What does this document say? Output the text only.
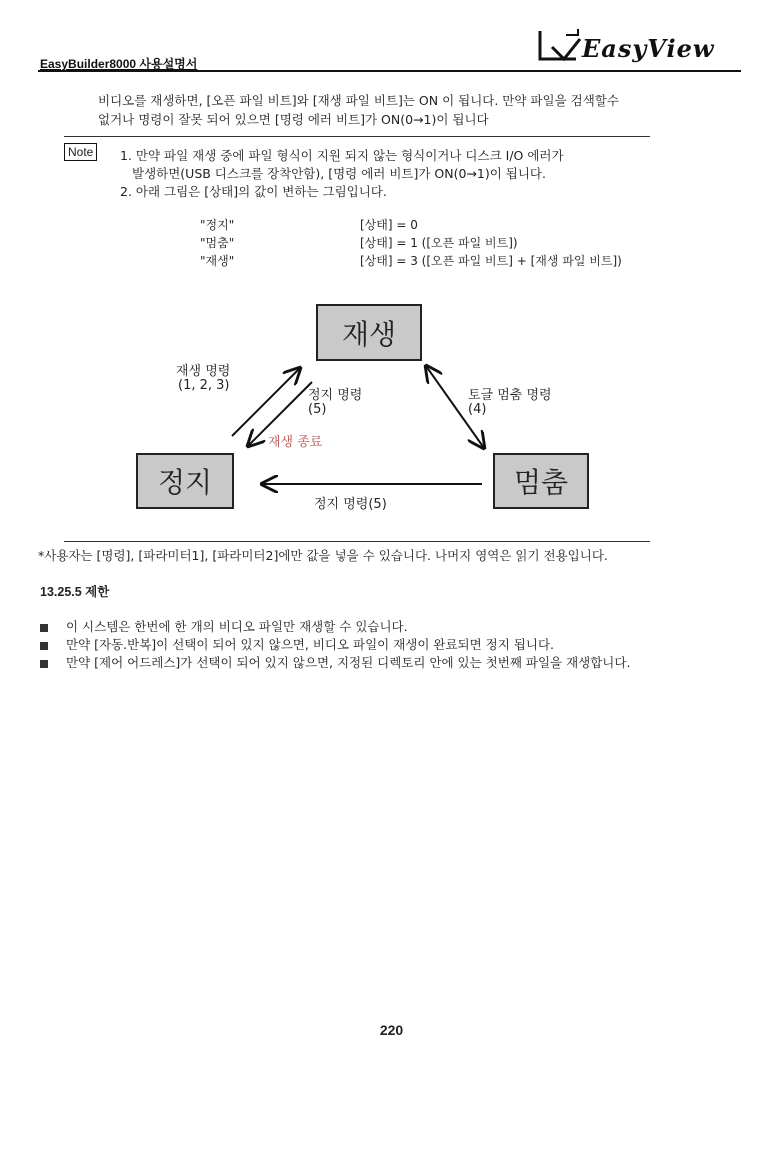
EasyBuilder8000 사용설명서
EasyView
비디오를 재생하면, [오픈 파일 비트]와 [재생 파일 비트]는 ON 이 됩니다. 만약 파일을 검색할수
없거나 명령이 잘못 되어 있으면 [명령 에러 비트]가 ON(0→1)이 됩니다
Note	1. 만약 파일 재생 중에 파일 형식이 지원 되지 않는 형식이거나 디스크 I/O 에러가
발생하면(USB 디스크를 장착안함), [명령 에러 비트]가 ON(0→1)이 됩니다.
2. 아래 그림은 [상태]의 값이 변하는 그림입니다.
"정지"	[상태] = 0
"멈춤"	[상태] = 1 ([오픈 파일 비트])
"재생"	[상태] = 3 ([오픈 파일 비트] + [재생 파일 비트])
재생
정지	멈춤
재생 명령
(1, 2, 3)
정지 명령
(5)
재생 종료
토글 멈춤 명령
(4)
정지 명령(5)
*사용자는 [명령], [파라미터1], [파라미터2]에만 값을 넣을 수 있습니다. 나머지 영역은 읽기 전용입니다.
13.25.5 제한
이 시스템은 한번에 한 개의 비디오 파일만 재생할 수 있습니다.
만약 [자동.반복]이 선택이 되어 있지 않으면, 비디오 파일이 재생이 완료되면 정지 됩니다.
만약 [제어 어드레스]가 선택이 되어 있지 않으면, 지정된 디렉토리 안에 있는 첫번째 파일을 재생합니다.
220
